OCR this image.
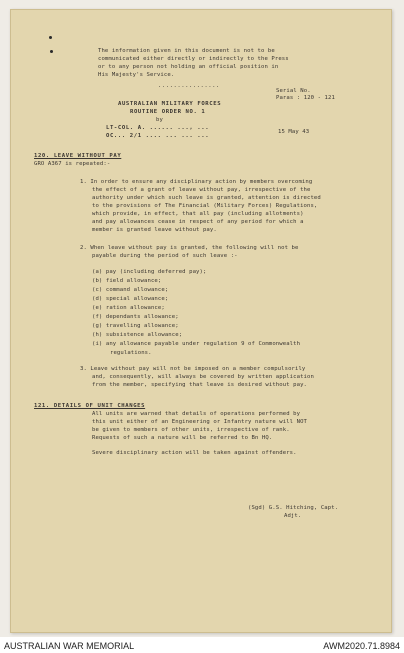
The information given in this document is not to be
communicated either directly or indirectly to the Press
or to any person not holding an official position in
His Majesty's Service.
................
Serial No.
Paras : 120 - 121
AUSTRALIAN MILITARY FORCES
ROUTINE ORDER NO. 1
by
LT-COL. A. ...... ..., ...
OC... 2/1 .... ... ... ...
15 May 43
120. LEAVE WITHOUT PAY
GRO A367 is repeated:-
1. In order to ensure any disciplinary action by members overcoming
the effect of a grant of leave without pay, irrespective of the
authority under which such leave is granted, attention is directed
to the provisions of The Financial (Military Forces) Regulations,
which provide, in effect, that all pay (including allotments)
and pay allowances cease in respect of any period for which a
member is granted leave without pay.
2. When leave without pay is granted, the following will not be
payable during the period of such leave :-
(a) pay (including deferred pay);
(b) field allowance;
(c) command allowance;
(d) special allowance;
(e) ration allowance;
(f) dependants allowance;
(g) travelling allowance;
(h) subsistence allowance;
(i) any allowance payable under regulation 9 of Commonwealth
regulations.
3. Leave without pay will not be imposed on a member compulsorily
and, consequently, will always be covered by written application
from the member, specifying that leave is desired without pay.
121. DETAILS OF UNIT CHANGES
All units are warned that details of operations performed by
this unit either of an Engineering or Infantry nature will NOT
be given to members of other units, irrespective of rank.
Requests of such a nature will be referred to Bn HQ.
Severe disciplinary action will be taken against offenders.
(Sgd) G.S. Hitching, Capt.
Adjt.
AUSTRALIAN WAR MEMORIAL	AWM2020.71.8984
